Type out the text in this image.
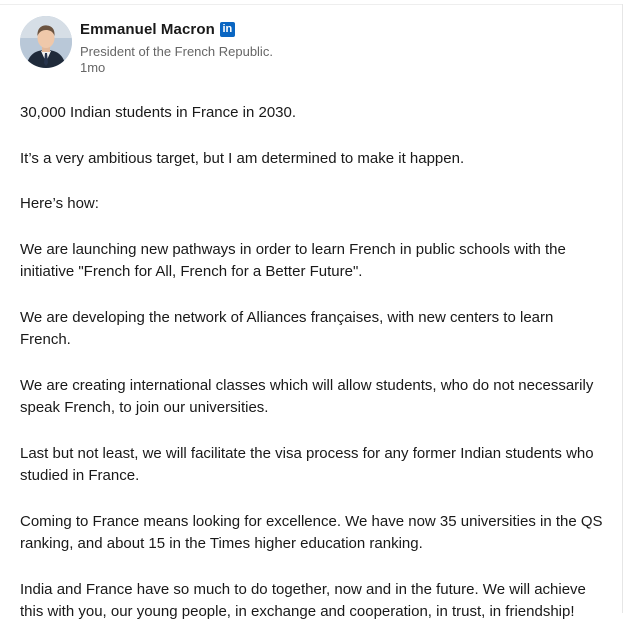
Emmanuel Macron in
President of the French Republic.
1mo

30,000 Indian students in France in 2030.

It’s a very ambitious target, but I am determined to make it happen.

Here’s how:

We are launching new pathways in order to learn French in public schools with the initiative "French for All, French for a Better Future".

We are developing the network of Alliances françaises, with new centers to learn French.

We are creating international classes which will allow students, who do not necessarily speak French, to join our universities.

Last but not least, we will facilitate the visa process for any former Indian students who studied in France.

Coming to France means looking for excellence. We have now 35 universities in the QS ranking, and about 15 in the Times higher education ranking.

India and France have so much to do together, now and in the future. We will achieve this with you, our young people, in exchange and cooperation, in trust, in friendship!
